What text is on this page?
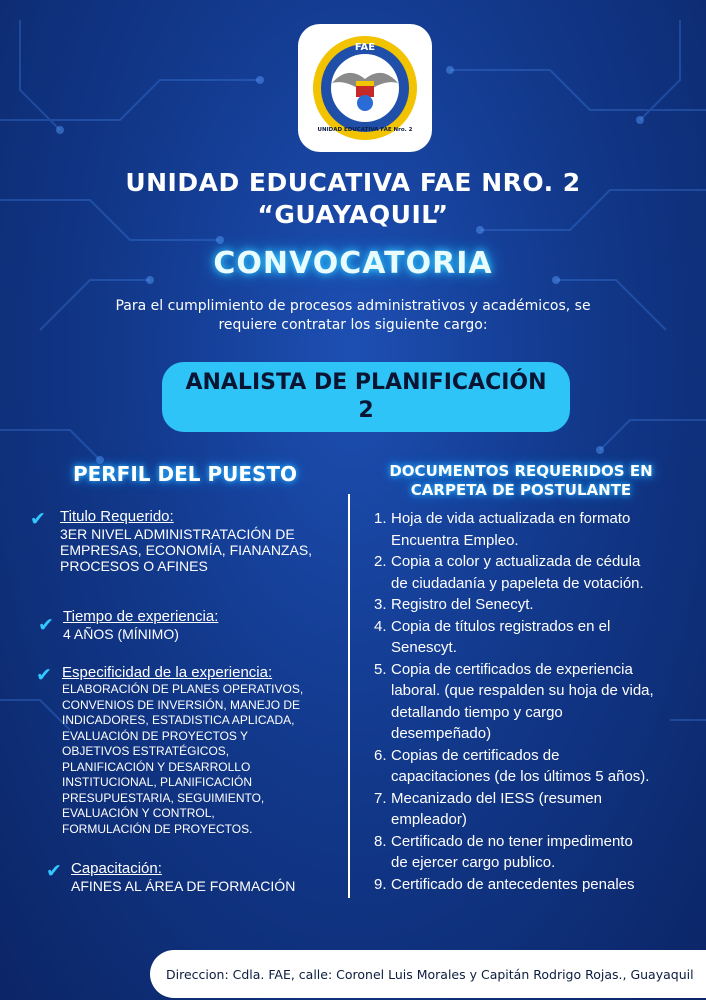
FAE
UNIDAD EDUCATIVA FAE Nro. 2
UNIDAD EDUCATIVA FAE NRO. 2
“GUAYAQUIL”
CONVOCATORIA
Para el cumplimiento de procesos administrativos y académicos, se
requiere contratar los siguiente cargo:
ANALISTA DE PLANIFICACIÓN
2
PERFIL DEL PUESTO	DOCUMENTOS REQUERIDOS EN
CARPETA DE POSTULANTE
✔ Titulo Requerido:
3ER NIVEL ADMINISTRATACIÓN DE
EMPRESAS, ECONOMÍA, FIANANZAS,
PROCESOS O AFINES
✔ Tiempo de experiencia:
4 AÑOS (MÍNIMO)
✔ Especificidad de la experiencia:
ELABORACIÓN DE PLANES OPERATIVOS,
CONVENIOS DE INVERSIÓN, MANEJO DE
INDICADORES, ESTADISTICA APLICADA,
EVALUACIÓN DE PROYECTOS Y
OBJETIVOS ESTRATÉGICOS,
PLANIFICACIÓN Y DESARROLLO
INSTITUCIONAL, PLANIFICACIÓN
PRESUPUESTARIA, SEGUIMIENTO,
EVALUACIÓN Y CONTROL,
FORMULACIÓN DE PROYECTOS.
✔ Capacitación:
AFINES AL ÁREA DE FORMACIÓN
1. Hoja de vida actualizada en formato
Encuentra Empleo.
2. Copia a color y actualizada de cédula
de ciudadanía y papeleta de votación.
3. Registro del Senecyt.
4. Copia de títulos registrados en el
Senescyt.
5. Copia de certificados de experiencia
laboral. (que respalden su hoja de vida,
detallando tiempo y cargo
desempeñado)
6. Copias de certificados de
capacitaciones (de los últimos 5 años).
7. Mecanizado del IESS (resumen
empleador)
8. Certificado de no tener impedimento
de ejercer cargo publico.
9. Certificado de antecedentes penales
Direccion: Cdla. FAE, calle: Coronel Luis Morales y Capitán Rodrigo Rojas., Guayaquil
